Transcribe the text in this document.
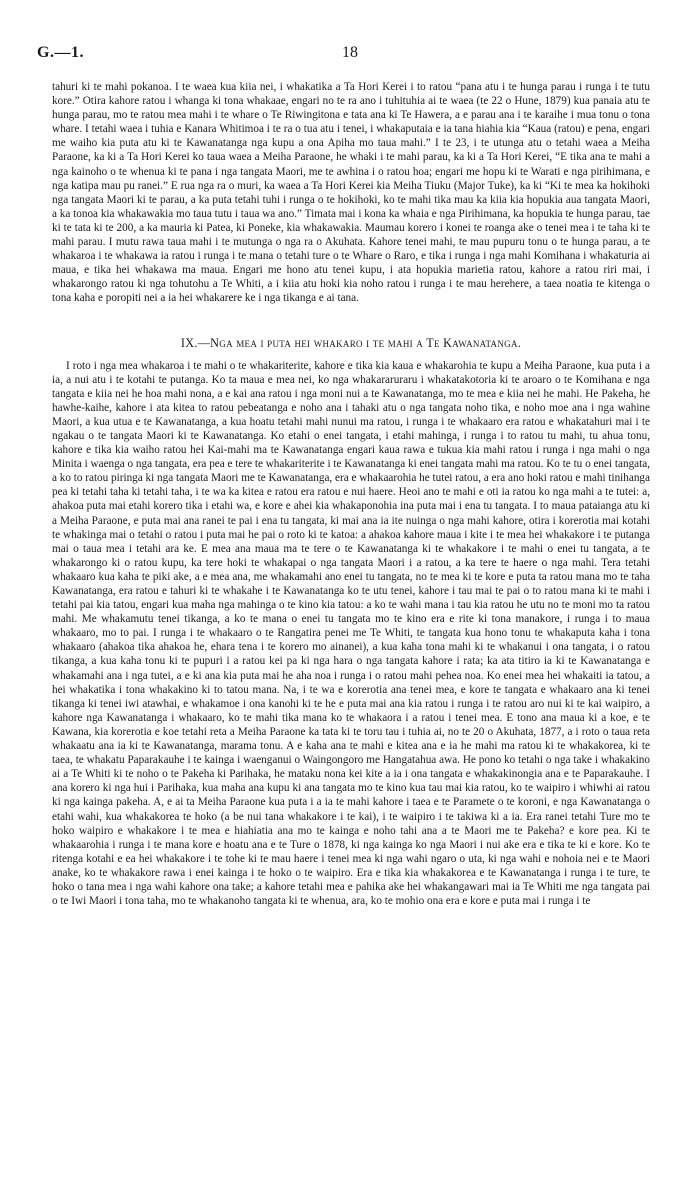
G.—1.	18

tahuri ki te mahi pokanoa. I te waea kua kiia nei, i whakatika a Ta Hori Kerei i to ratou “pana atu i te hunga parau i runga i te tutu kore.” Otira kahore ratou i whanga ki tona whakaae, engari no te ra ano i tuhituhia ai te waea (te 22 o Hune, 1879) kua panaia atu te hunga parau, mo te ratou mea mahi i te whare o Te Riwingitona e tata ana ki Te Hawera, a e parau ana i te karaihe i mua tonu o tona whare. I tetahi waea i tuhia e Kanara Whitimoa i te ra o tua atu i tenei, i whakaputaia e ia tana hiahia kia “Kaua (ratou) e pena, engari me waiho kia puta atu ki te Kawanatanga nga kupu a ona Apiha mo taua mahi.” I te 23, i te utunga atu o tetahi waea a Meiha Paraone, ka ki a Ta Hori Kerei ko taua waea a Meiha Paraone, he whaki i te mahi parau, ka ki a Ta Hori Kerei, “E tika ana te mahi a nga kainoho o te whenua ki te pana i nga tangata Maori, me te awhina i o ratou hoa; engari me hopu ki te Warati e nga pirihimana, e nga katipa mau pu ranei.” E rua nga ra o muri, ka waea a Ta Hori Kerei kia Meiha Tiuku (Major Tuke), ka ki “Ki te mea ka hokihoki nga tangata Maori ki te parau, a ka puta tetahi tuhi i runga o te hokihoki, ko te mahi tika mau ka kiia kia hopukia aua tangata Maori, a ka tonoa kia whakawakia mo taua tutu i taua wa ano.” Timata mai i kona ka whaia e nga Pirihimana, ka hopukia te hunga parau, tae ki te tata ki te 200, a ka mauria ki Patea, ki Poneke, kia whakawakia. Maumau korero i konei te roanga ake o tenei mea i te taha ki te mahi parau. I mutu rawa taua mahi i te mutunga o nga ra o Akuhata. Kahore tenei mahi, te mau pupuru tonu o te hunga parau, a te whakaroa i te whakawa ia ratou i runga i te mana o tetahi ture o te Whare o Raro, e tika i runga i nga mahi Komihana i whakaturia ai maua, e tika hei whakawa ma maua. Engari me hono atu tenei kupu, i ata hopukia marietia ratou, kahore a ratou riri mai, i whakarongo ratou ki nga tohutohu a Te Whiti, a i kiia atu hoki kia noho ratou i runga i te mau herehere, a taea noatia te kitenga o tona kaha e poropiti nei a ia hei whakarere ke i nga tikanga e ai tana.

IX.—Nga mea i puta hei whakaro i te mahi a Te Kawanatanga.

I roto i nga mea whakaroa i te mahi o te whakariterite, kahore e tika kia kaua e whakarohia te kupu a Meiha Paraone, kua puta i a ia, a nui atu i te kotahi te putanga. Ko ta maua e mea nei, ko nga whakararuraru i whakatakotoria ki te aroaro o te Komihana e nga tangata e kiia nei he hoa mahi nona, a e kai ana ratou i nga moni nui a te Kawanatanga, mo te mea e kiia nei he mahi. He Pakeha, he hawhe-kaihe, kahore i ata kitea to ratou pebeatanga e noho ana i tahaki atu o nga tangata noho tika, e noho moe ana i nga wahine Maori, a kua utua e te Kawanatanga, a kua hoatu tetahi mahi nunui ma ratou, i runga i te whakaaro era ratou e whakatahuri mai i te ngakau o te tangata Maori ki te Kawanatanga. Ko etahi o enei tangata, i etahi mahinga, i runga i to ratou tu mahi, tu ahua tonu, kahore e tika kia waiho ratou hei Kai-mahi ma te Kawanatanga engari kaua rawa e tukua kia mahi ratou i runga i nga mahi o nga Minita i waenga o nga tangata, era pea e tere te whakariterite i te Kawanatanga ki enei tangata mahi ma ratou. Ko te tu o enei tangata, a ko to ratou piringa ki nga tangata Maori me te Kawanatanga, era e whakaarohia he tutei ratou, a era ano hoki ratou e mahi tinihanga pea ki tetahi taha ki tetahi taha, i te wa ka kitea e ratou era ratou e nui haere. Heoi ano te mahi e oti ia ratou ko nga mahi a te tutei: a, ahakoa puta mai etahi korero tika i etahi wa, e kore e ahei kia whakaponohia ina puta mai i ena tu tangata. I to maua pataianga atu ki a Meiha Paraone, e puta mai ana ranei te pai i ena tu tangata, ki mai ana ia ite nuinga o nga mahi kahore, otira i korerotia mai kotahi te whakinga mai o tetahi o ratou i puta mai he pai o roto ki te katoa: a ahakoa kahore maua i kite i te mea hei whakakore i te putanga mai o taua mea i tetahi ara ke. E mea ana maua ma te tere o te Kawanatanga ki te whakakore i te mahi o enei tu tangata, a te whakarongo ki o ratou kupu, ka tere hoki te whakapai o nga tangata Maori i a ratou, a ka tere te haere o nga mahi. Tera tetahi whakaaro kua kaha te piki ake, a e mea ana, me whakamahi ano enei tu tangata, no te mea ki te kore e puta ta ratou mana mo te taha Kawanatanga, era ratou e tahuri ki te whakahe i te Kawanatanga ko te utu tenei, kahore i tau mai te pai o to ratou mana ki te mahi i tetahi pai kia tatou, engari kua maha nga mahinga o te kino kia tatou: a ko te wahi mana i tau kia ratou he utu no te moni mo ta ratou mahi. Me whakamutu tenei tikanga, a ko te mana o enei tu tangata mo te kino era e rite ki tona manakore, i runga i to maua whakaaro, mo to pai. I runga i te whakaaro o te Rangatira penei me Te Whiti, te tangata kua hono tonu te whakaputa kaha i tona whakaaro (ahakoa tika ahakoa he, ehara tena i te korero mo ainanei), a kua kaha tona mahi ki te whakanui i ona tangata, i o ratou tikanga, a kua kaha tonu ki te pupuri i a ratou kei pa ki nga hara o nga tangata kahore i rata; ka ata titiro ia ki te Kawanatanga e whakamahi ana i nga tutei, a e ki ana kia puta mai he aha noa i runga i o ratou mahi pehea noa. Ko enei mea hei whakaiti ia tatou, a hei whakatika i tona whakakino ki to tatou mana. Na, i te wa e korerotia ana tenei mea, e kore te tangata e whakaaro ana ki tenei tikanga ki tenei iwi atawhai, e whakamoe i ona kanohi ki te he e puta mai ana kia ratou i runga i te ratou aro nui ki te kai waipiro, a kahore nga Kawanatanga i whakaaro, ko te mahi tika mana ko te whakaora i a ratou i tenei mea. E tono ana maua ki a koe, e te Kawana, kia korerotia e koe tetahi reta a Meiha Paraone ka tata ki te toru tau i tuhia ai, no te 20 o Akuhata, 1877, a i roto o taua reta whakaatu ana ia ki te Kawanatanga, marama tonu. A e kaha ana te mahi e kitea ana e ia he mahi ma ratou ki te whakakorea, ki te taea, te whakatu Paparakauhe i te kainga i waenganui o Waingongoro me Hangatahua awa. He pono ko tetahi o nga take i whakakino ai a Te Whiti ki te noho o te Pakeha ki Parihaka, he mataku nona kei kite a ia i ona tangata e whakakinongia ana e te Paparakauhe. I ana korero ki nga hui i Parihaka, kua maha ana kupu ki ana tangata mo te kino kua tau mai kia ratou, ko te waipiro i whiwhi ai ratou ki nga kainga pakeha. A, e ai ta Meiha Paraone kua puta i a ia te mahi kahore i taea e te Paramete o te koroni, e nga Kawanatanga o etahi wahi, kua whakakorea te hoko (a be nui tana whakakore i te kai), i te waipiro i te takiwa ki a ia. Era ranei tetahi Ture mo te hoko waipiro e whakakore i te mea e hiahiatia ana mo te kainga e noho tahi ana a te Maori me te Pakeha? e kore pea. Ki te whakaarohia i runga i te mana kore e hoatu ana e te Ture o 1878, ki nga kainga ko nga Maori i nui ake era e tika te ki e kore. Ko te ritenga kotahi e ea hei whakakore i te tohe ki te mau haere i tenei mea ki nga wahi ngaro o uta, ki nga wahi e nohoia nei e te Maori anake, ko te whakakore rawa i enei kainga i te hoko o te waipiro. Era e tika kia whakakorea e te Kawanatanga i runga i te ture, te hoko o tana mea i nga wahi kahore ona take; a kahore tetahi mea e pahika ake hei whakangawari mai ia Te Whiti me nga tangata pai o te Iwi Maori i tona taha, mo te whakanoho tangata ki te whenua, ara, ko te mohio ona era e kore e puta mai i runga i te
